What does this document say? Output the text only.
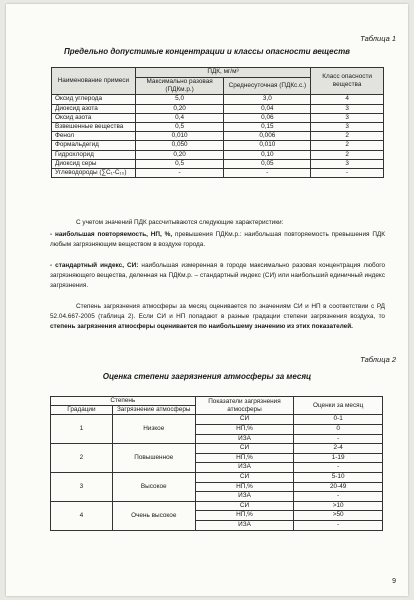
Таблица 1
Предельно допустимые концентрации и классы опасности веществ
Наименование примеси	ПДК, мг/м³		Класс опасности вещества
	Максимально разовая (ПДКм.р.)	Среднесуточная (ПДКс.с.)	
Оксид углерода	5,0	3,0	4
Диоксид азота	0,20	0,04	3
Оксид азота	0,4	0,06	3
Взвешенные вещества	0,5	0,15	3
Фенол	0,010	0,006	2
Формальдегид	0,050	0,010	2
Гидрохлорид	0,20	0,10	2
Диоксид серы	0,5	0,05	3
Углеводороды (∑C₁-C₁₀)	-	-	-
С учетом значений ПДК рассчитываются следующие характеристики:
- наибольшая повторяемость, НП, %, превышения ПДКм.р.: наибольшая повторяемость превышения ПДК любым загрязняющим веществом в воздухе города.
- стандартный индекс, СИ: наибольшая измеренная в городе максимально разовая концентрация любого загрязняющего вещества, деленная на ПДКм.р. – стандартный индекс (СИ) или наибольший единичный индекс загрязнения.
Степень загрязнения атмосферы за месяц оценивается по значениям СИ и НП в соответствии с РД 52.04.667-2005 (таблица 2). Если СИ и НП попадают в разные градации степени загрязнения воздуха, то степень загрязнения атмосферы оценивается по наибольшему значению из этих показателей.
Таблица 2
Оценка степени загрязнения атмосферы за месяц
Степень		Показатели загрязнения атмосферы	Оценки за месяц
Градации	Загрязнение атмосферы		
1	Низкое	СИ	0-1
		НП,%	0
		ИЗА	-
2	Повышенное	СИ	2-4
		НП,%	1-19
		ИЗА	-
3	Высокое	СИ	5-10
		НП,%	20-49
		ИЗА	-
4	Очень высокое	СИ	>10
		НП,%	>50
		ИЗА	-
9
